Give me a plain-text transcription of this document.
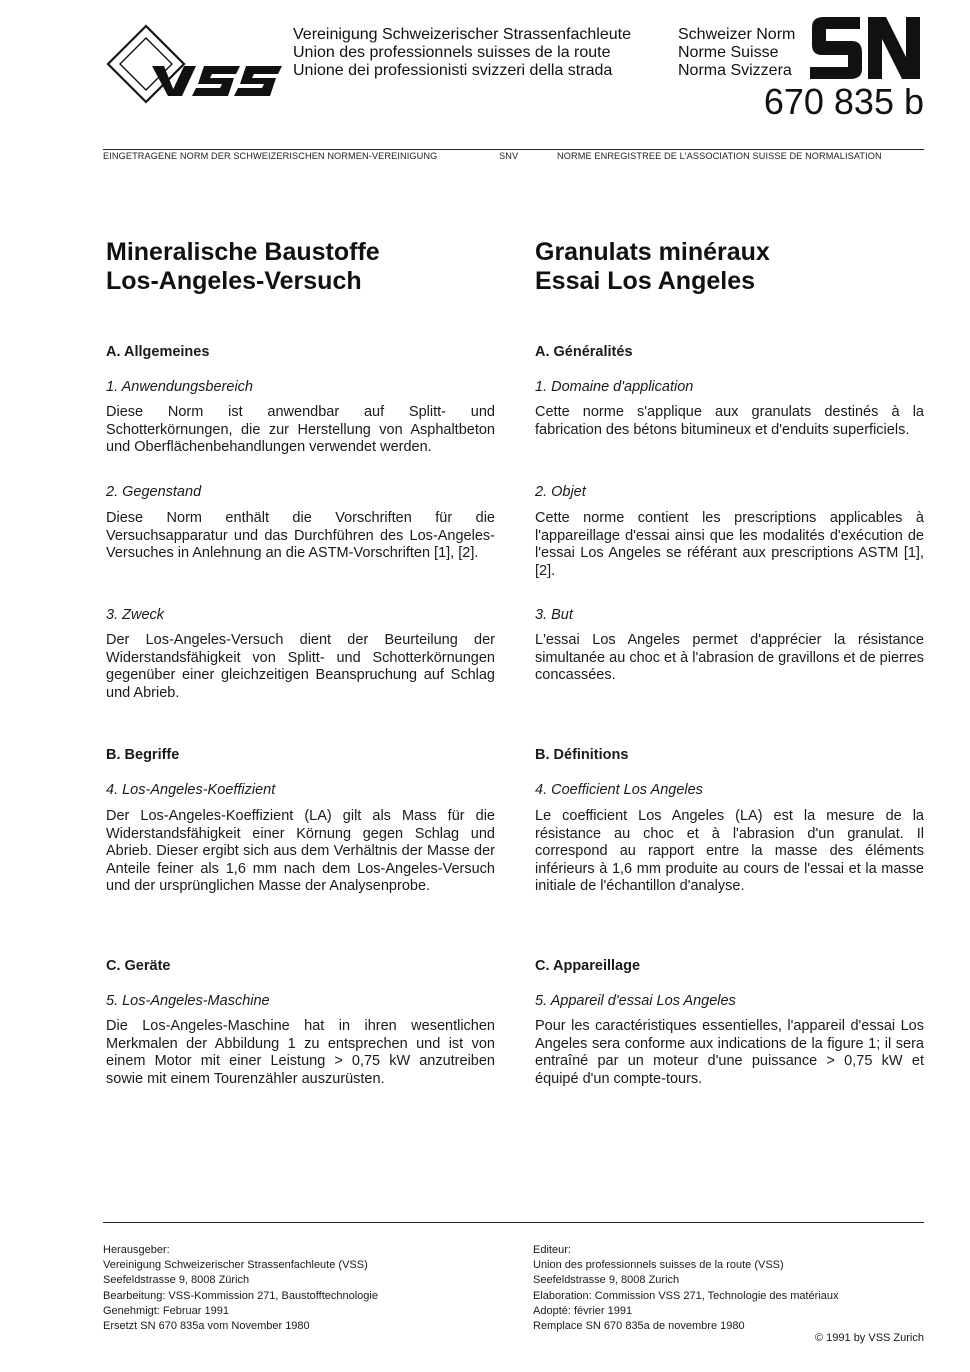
Vereinigung Schweizerischer Strassenfachleute
Union des professionnels suisses de la route
Unione dei professionisti svizzeri della strada
Schweizer Norm
Norme Suisse
Norma Svizzera
670 835 b
EINGETRAGENE NORM DER SCHWEIZERISCHEN NORMEN-VEREINIGUNG	SNV	NORME ENREGISTREE DE L'ASSOCIATION SUISSE DE NORMALISATION
Mineralische Baustoffe
Los-Angeles-Versuch
A. Allgemeines
1. Anwendungsbereich
Diese Norm ist anwendbar auf Splitt- und Schotterkörnungen, die zur Herstellung von Asphaltbeton und Oberflächenbehandlungen verwendet werden.
2. Gegenstand
Diese Norm enthält die Vorschriften für die Versuchsapparatur und das Durchführen des Los-Angeles-Versuches in Anlehnung an die ASTM-Vorschriften [1], [2].
3. Zweck
Der Los-Angeles-Versuch dient der Beurteilung der Widerstandsfähigkeit von Splitt- und Schotterkörnungen gegenüber einer gleichzeitigen Beanspruchung auf Schlag und Abrieb.
B. Begriffe
4. Los-Angeles-Koeffizient
Der Los-Angeles-Koeffizient (LA) gilt als Mass für die Widerstandsfähigkeit einer Körnung gegen Schlag und Abrieb. Dieser ergibt sich aus dem Verhältnis der Masse der Anteile feiner als 1,6 mm nach dem Los-Angeles-Versuch und der ursprünglichen Masse der Analysenprobe.
C. Geräte
5. Los-Angeles-Maschine
Die Los-Angeles-Maschine hat in ihren wesentlichen Merkmalen der Abbildung 1 zu entsprechen und ist von einem Motor mit einer Leistung > 0,75 kW anzutreiben sowie mit einem Tourenzähler auszurüsten.
Granulats minéraux
Essai Los Angeles
A. Généralités
1. Domaine d'application
Cette norme s'applique aux granulats destinés à la fabrication des bétons bitumineux et d'enduits superficiels.
2. Objet
Cette norme contient les prescriptions applicables à l'appareillage d'essai ainsi que les modalités d'exécution de l'essai Los Angeles se référant aux prescriptions ASTM [1], [2].
3. But
L'essai Los Angeles permet d'apprécier la résistance simultanée au choc et à l'abrasion de gravillons et de pierres concassées.
B. Définitions
4. Coefficient Los Angeles
Le coefficient Los Angeles (LA) est la mesure de la résistance au choc et à l'abrasion d'un granulat. Il correspond au rapport entre la masse des éléments inférieurs à 1,6 mm produite au cours de l'essai et la masse initiale de l'échantillon d'analyse.
C. Appareillage
5. Appareil d'essai Los Angeles
Pour les caractéristiques essentielles, l'appareil d'essai Los Angeles sera conforme aux indications de la figure 1; il sera entraîné par un moteur d'une puissance > 0,75 kW et équipé d'un compte-tours.
Herausgeber:
Vereinigung Schweizerischer Strassenfachleute (VSS)
Seefeldstrasse 9, 8008 Zürich
Bearbeitung: VSS-Kommission 271, Baustofftechnologie
Genehmigt: Februar 1991
Ersetzt SN 670 835a vom November 1980
Editeur:
Union des professionnels suisses de la route (VSS)
Seefeldstrasse 9, 8008 Zurich
Elaboration: Commission VSS 271, Technologie des matériaux
Adopté: février 1991
Remplace SN 670 835a de novembre 1980
© 1991 by VSS Zurich
